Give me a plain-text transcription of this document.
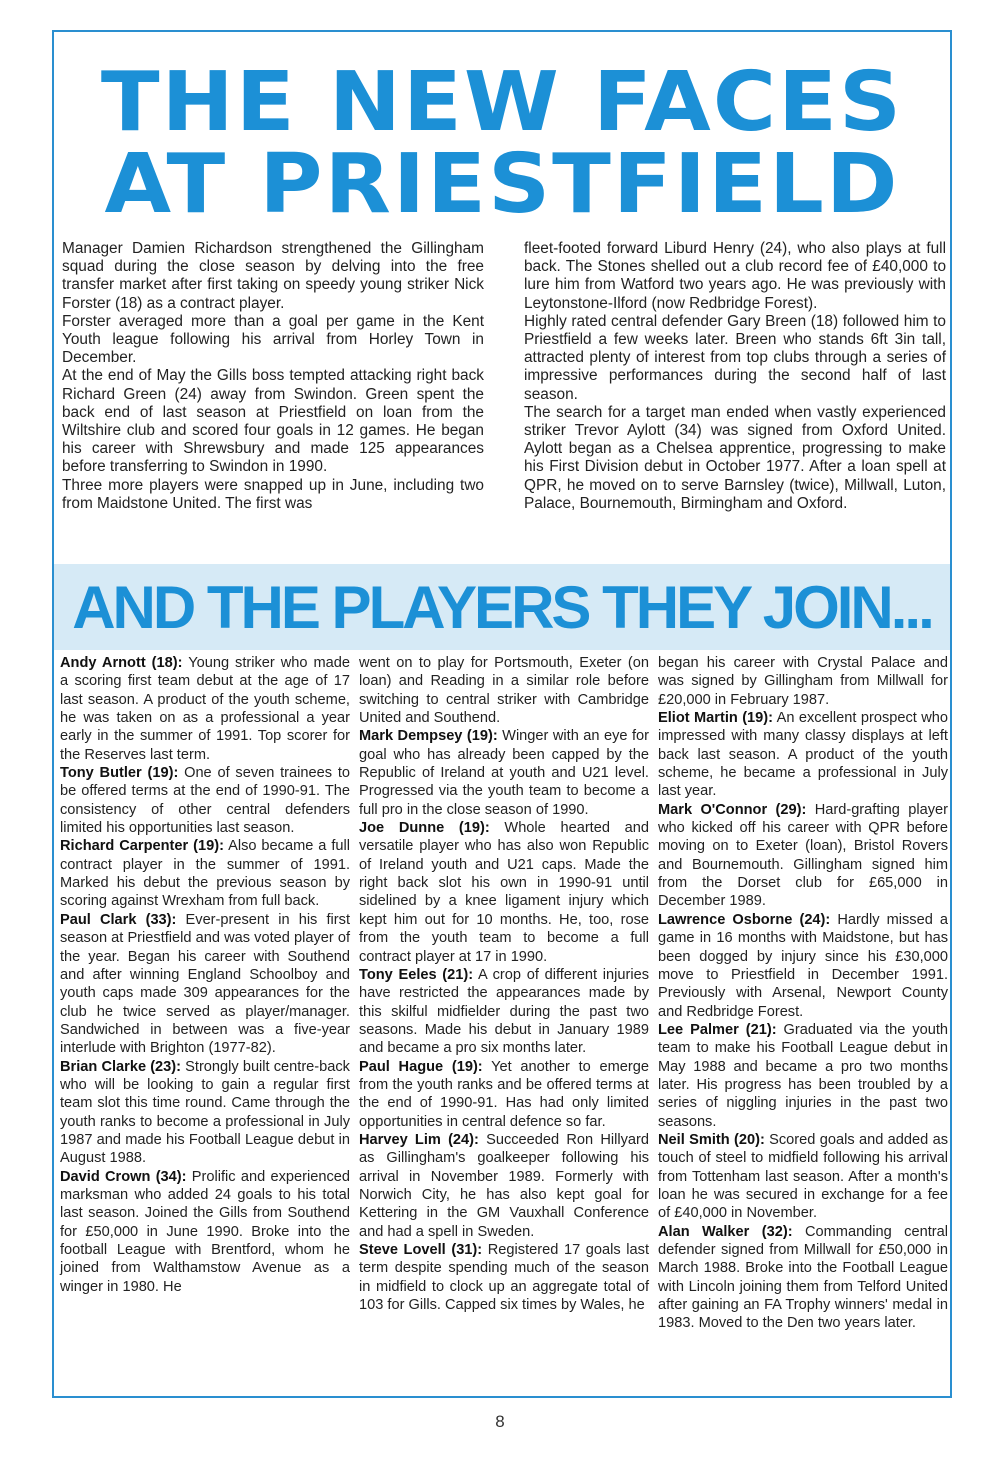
THE NEW FACES
AT PRIESTFIELD

Manager Damien Richardson strengthened the Gillingham squad during the close season by delving into the free transfer market after first taking on speedy young striker Nick Forster (18) as a contract player.

Forster averaged more than a goal per game in the Kent Youth league following his arrival from Horley Town in December.

At the end of May the Gills boss tempted attacking right back Richard Green (24) away from Swindon. Green spent the back end of last season at Priestfield on loan from the Wiltshire club and scored four goals in 12 games. He began his career with Shrewsbury and made 125 appearances before transferring to Swindon in 1990.

Three more players were snapped up in June, including two from Maidstone United. The first was

fleet-footed forward Liburd Henry (24), who also plays at full back. The Stones shelled out a club record fee of £40,000 to lure him from Watford two years ago. He was previously with Leytonstone-Ilford (now Redbridge Forest).

Highly rated central defender Gary Breen (18) followed him to Priestfield a few weeks later. Breen who stands 6ft 3in tall, attracted plenty of interest from top clubs through a series of impressive performances during the second half of last season.

The search for a target man ended when vastly experienced striker Trevor Aylott (34) was signed from Oxford United. Aylott began as a Chelsea apprentice, progressing to make his First Division debut in October 1977. After a loan spell at QPR, he moved on to serve Barnsley (twice), Millwall, Luton, Palace, Bournemouth, Birmingham and Oxford.

AND THE PLAYERS THEY JOIN...

Andy Arnott (18): Young striker who made a scoring first team debut at the age of 17 last season. A product of the youth scheme, he was taken on as a professional a year early in the summer of 1991. Top scorer for the Reserves last term.

Tony Butler (19): One of seven trainees to be offered terms at the end of 1990-91. The consistency of other central defenders limited his opportunities last season.

Richard Carpenter (19): Also became a full contract player in the summer of 1991. Marked his debut the previous season by scoring against Wrexham from full back.

Paul Clark (33): Ever-present in his first season at Priestfield and was voted player of the year. Began his career with Southend and after winning England Schoolboy and youth caps made 309 appearances for the club he twice served as player/manager. Sandwiched in between was a five-year interlude with Brighton (1977-82).

Brian Clarke (23): Strongly built centre-back who will be looking to gain a regular first team slot this time round. Came through the youth ranks to become a professional in July 1987 and made his Football League debut in August 1988.

David Crown (34): Prolific and experienced marksman who added 24 goals to his total last season. Joined the Gills from Southend for £50,000 in June 1990. Broke into the football League with Brentford, whom he joined from Walthamstow Avenue as a winger in 1980. He

went on to play for Portsmouth, Exeter (on loan) and Reading in a similar role before switching to central striker with Cambridge United and Southend.

Mark Dempsey (19): Winger with an eye for goal who has already been capped by the Republic of Ireland at youth and U21 level. Progressed via the youth team to become a full pro in the close season of 1990.

Joe Dunne (19): Whole hearted and versatile player who has also won Republic of Ireland youth and U21 caps. Made the right back slot his own in 1990-91 until sidelined by a knee ligament injury which kept him out for 10 months. He, too, rose from the youth team to become a full contract player at 17 in 1990.

Tony Eeles (21): A crop of different injuries have restricted the appearances made by this skilful midfielder during the past two seasons. Made his debut in January 1989 and became a pro six months later.

Paul Hague (19): Yet another to emerge from the youth ranks and be offered terms at the end of 1990-91. Has had only limited opportunities in central defence so far.

Harvey Lim (24): Succeeded Ron Hillyard as Gillingham's goalkeeper following his arrival in November 1989. Formerly with Norwich City, he has also kept goal for Kettering in the GM Vauxhall Conference and had a spell in Sweden.

Steve Lovell (31): Registered 17 goals last term despite spending much of the season in midfield to clock up an aggregate total of 103 for Gills. Capped six times by Wales, he

began his career with Crystal Palace and was signed by Gillingham from Millwall for £20,000 in February 1987.

Eliot Martin (19): An excellent prospect who impressed with many classy displays at left back last season. A product of the youth scheme, he became a professional in July last year.

Mark O'Connor (29): Hard-grafting player who kicked off his career with QPR before moving on to Exeter (loan), Bristol Rovers and Bournemouth. Gillingham signed him from the Dorset club for £65,000 in December 1989.

Lawrence Osborne (24): Hardly missed a game in 16 months with Maidstone, but has been dogged by injury since his £30,000 move to Priestfield in December 1991. Previously with Arsenal, Newport County and Redbridge Forest.

Lee Palmer (21): Graduated via the youth team to make his Football League debut in May 1988 and became a pro two months later. His progress has been troubled by a series of niggling injuries in the past two seasons.

Neil Smith (20): Scored goals and added as touch of steel to midfield following his arrival from Tottenham last season. After a month's loan he was secured in exchange for a fee of £40,000 in November.

Alan Walker (32): Commanding central defender signed from Millwall for £50,000 in March 1988. Broke into the Football League with Lincoln joining them from Telford United after gaining an FA Trophy winners' medal in 1983. Moved to the Den two years later.

8
